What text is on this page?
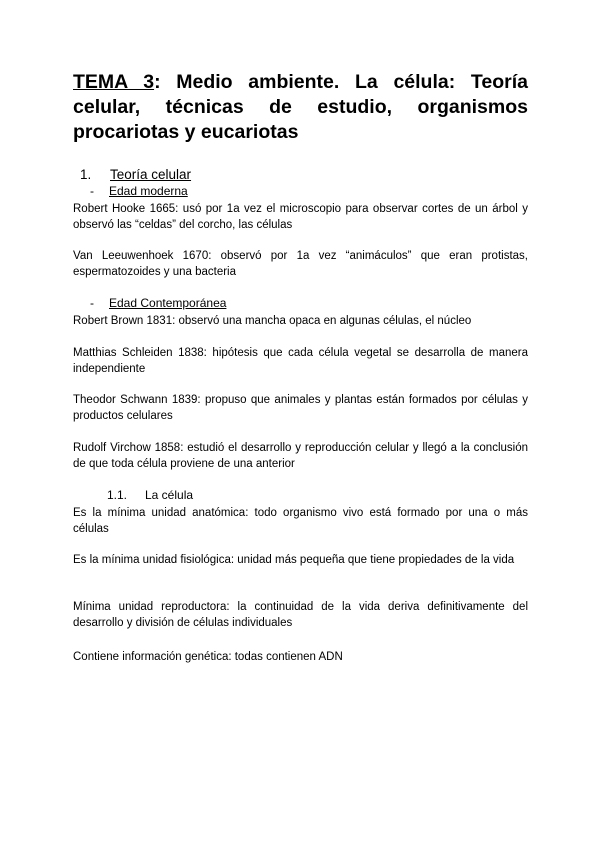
TEMA 3: Medio ambiente. La célula: Teoría celular, técnicas de estudio, organismos procariotas y eucariotas
1. Teoría celular
- Edad moderna

Robert Hooke 1665: usó por 1a vez el microscopio para observar cortes de un árbol y observó las “celdas” del corcho, las células

Van Leeuwenhoek 1670: observó por 1a vez “animáculos” que eran protistas, espermatozoides y una bacteria

- Edad Contemporánea

Robert Brown 1831: observó una mancha opaca en algunas células, el núcleo

Matthias Schleiden 1838: hipótesis que cada célula vegetal se desarrolla de manera independiente

Theodor Schwann 1839: propuso que animales y plantas están formados por células y productos celulares

Rudolf Virchow 1858: estudió el desarrollo y reproducción celular y llegó a la conclusión de que toda célula proviene de una anterior

1.1. La célula

Es la mínima unidad anatómica: todo organismo vivo está formado por una o más células

Es la mínima unidad fisiológica: unidad más pequeña que tiene propiedades de la vida

Mínima unidad reproductora: la continuidad de la vida deriva definitivamente del desarrollo y división de células individuales

Contiene información genética: todas contienen ADN
